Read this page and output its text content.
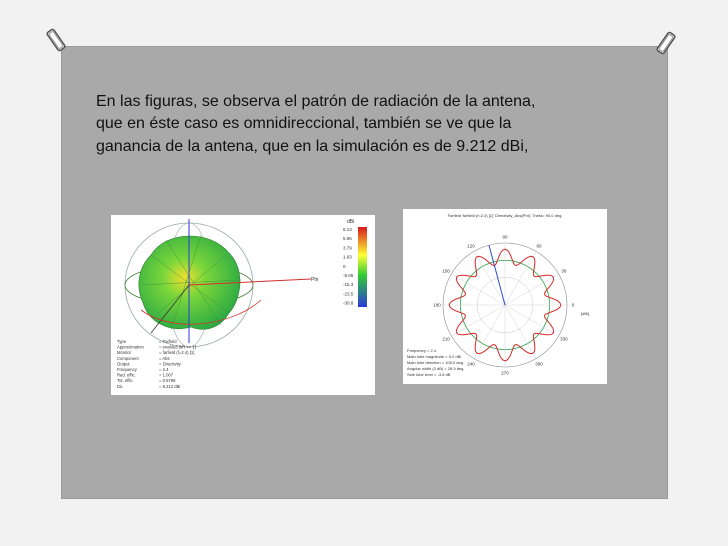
En las figuras, se observa el patrón de radiación de la antena,
que en éste caso es omnidireccional, también se ve que la
ganancia de la antena, que en la simulación es de 9.212 dBi,

Phi
dBi
8.13
5.96
3.79
1.63
0
-8.06
-15.3
-23.5
-30.8
Type	= Farfield
Approximation	= enabled (kR >> 1)
Monitor	= farfield (f=2.4) [1]
Component	= Abs
Output	= Directivity
Frequency	= 2.4
Rad. effic.	= 1.007
Tot. effic.	= 0.5798
Dir.	= 9.212 dBi
Farfield 'farfield (f=2.4) [1]' Directivity_Abs(Phi); Theta= 90.0 deg.
90
120
150
180
210
240
270
300
330
0
30
60
[dBi]
Frequency = 2.4
Main lobe magnitude = 9.2 dBi
Main lobe direction = 105.0 deg.
Angular width (3 dB) = 26.9 deg.
Side lobe level = -3.8 dB
